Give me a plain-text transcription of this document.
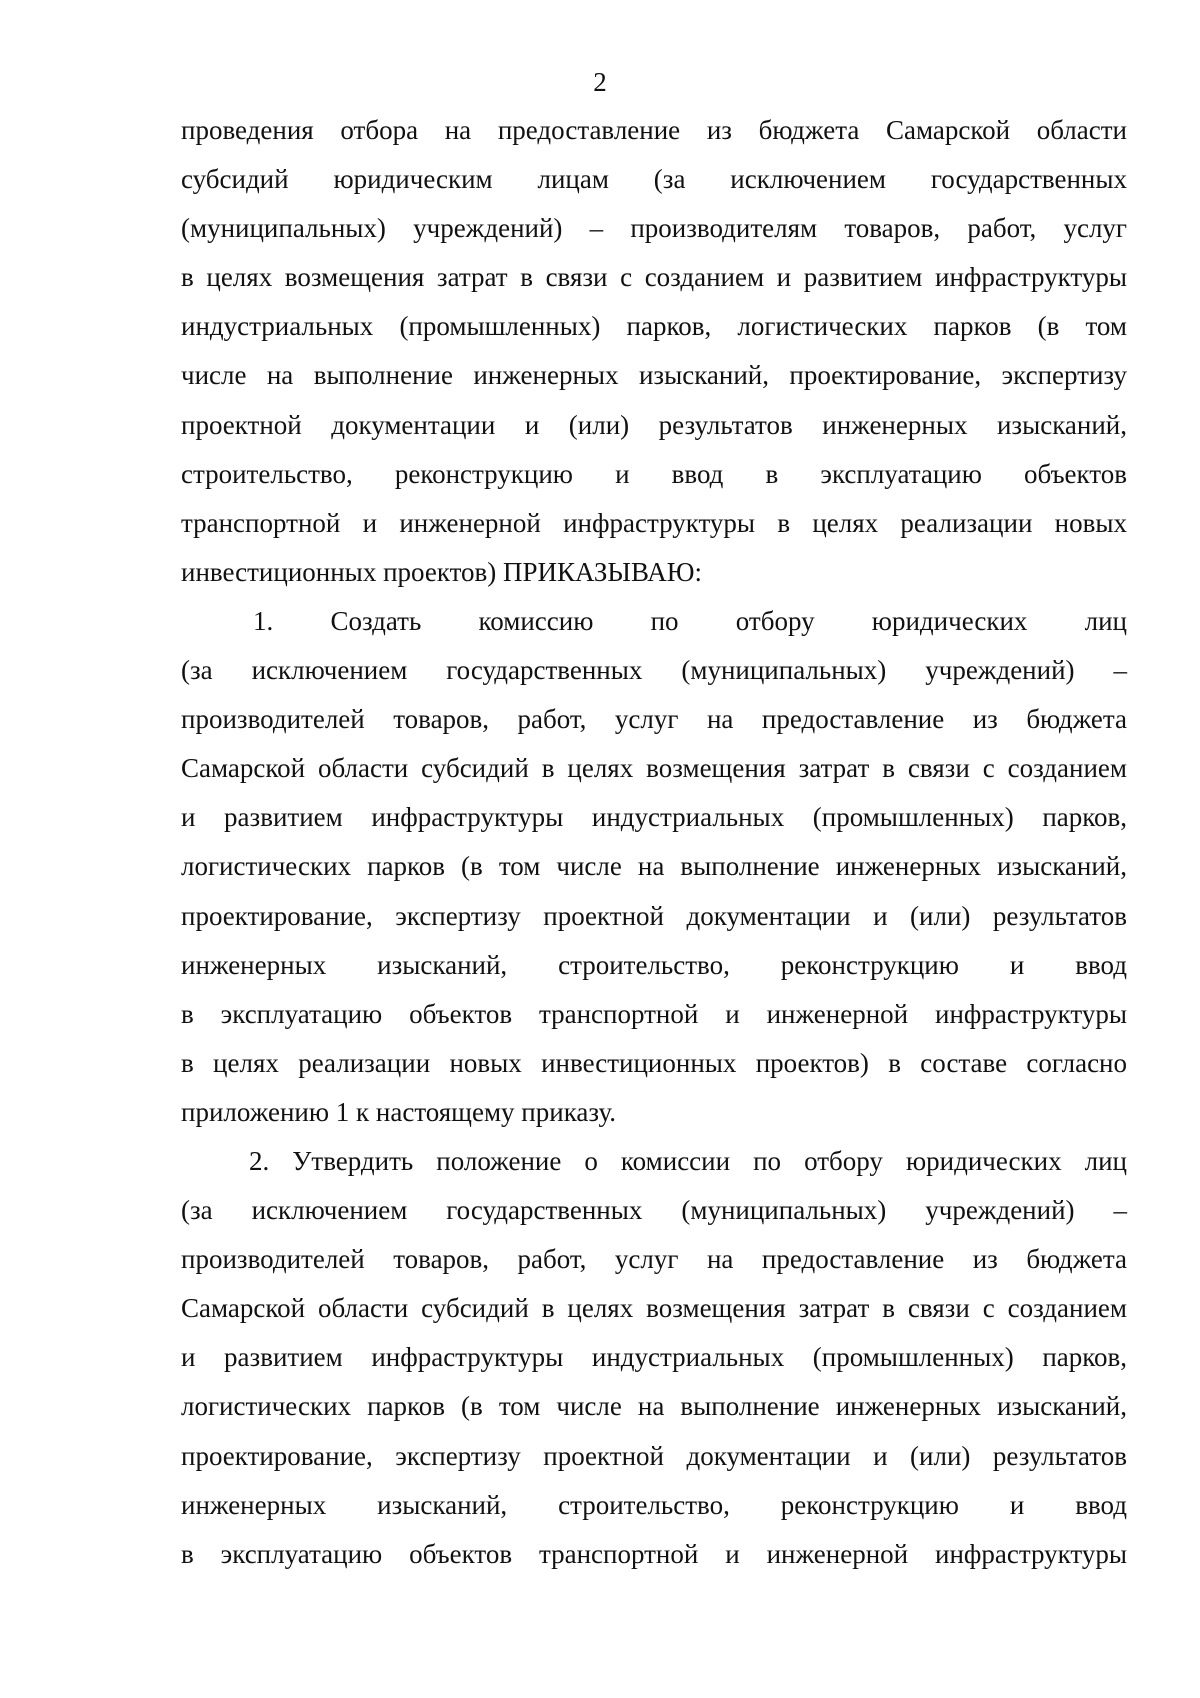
2
проведения отбора на предоставление из бюджета Самарской области
субсидий юридическим лицам (за исключением государственных
(муниципальных) учреждений) – производителям товаров, работ, услуг
в целях возмещения затрат в связи с созданием и развитием инфраструктуры
индустриальных (промышленных) парков, логистических парков (в том
числе на выполнение инженерных изысканий, проектирование, экспертизу
проектной документации и (или) результатов инженерных изысканий,
строительство, реконструкцию и ввод в эксплуатацию объектов
транспортной и инженерной инфраструктуры в целях реализации новых
инвестиционных проектов) ПРИКАЗЫВАЮ:
1. Создать комиссию по отбору юридических лиц
(за исключением государственных (муниципальных) учреждений) –
производителей товаров, работ, услуг на предоставление из бюджета
Самарской области субсидий в целях возмещения затрат в связи с созданием
и развитием инфраструктуры индустриальных (промышленных) парков,
логистических парков (в том числе на выполнение инженерных изысканий,
проектирование, экспертизу проектной документации и (или) результатов
инженерных изысканий, строительство, реконструкцию и ввод
в эксплуатацию объектов транспортной и инженерной инфраструктуры
в целях реализации новых инвестиционных проектов) в составе согласно
приложению 1 к настоящему приказу.
2. Утвердить положение о комиссии по отбору юридических лиц
(за исключением государственных (муниципальных) учреждений) –
производителей товаров, работ, услуг на предоставление из бюджета
Самарской области субсидий в целях возмещения затрат в связи с созданием
и развитием инфраструктуры индустриальных (промышленных) парков,
логистических парков (в том числе на выполнение инженерных изысканий,
проектирование, экспертизу проектной документации и (или) результатов
инженерных изысканий, строительство, реконструкцию и ввод
в эксплуатацию объектов транспортной и инженерной инфраструктуры
